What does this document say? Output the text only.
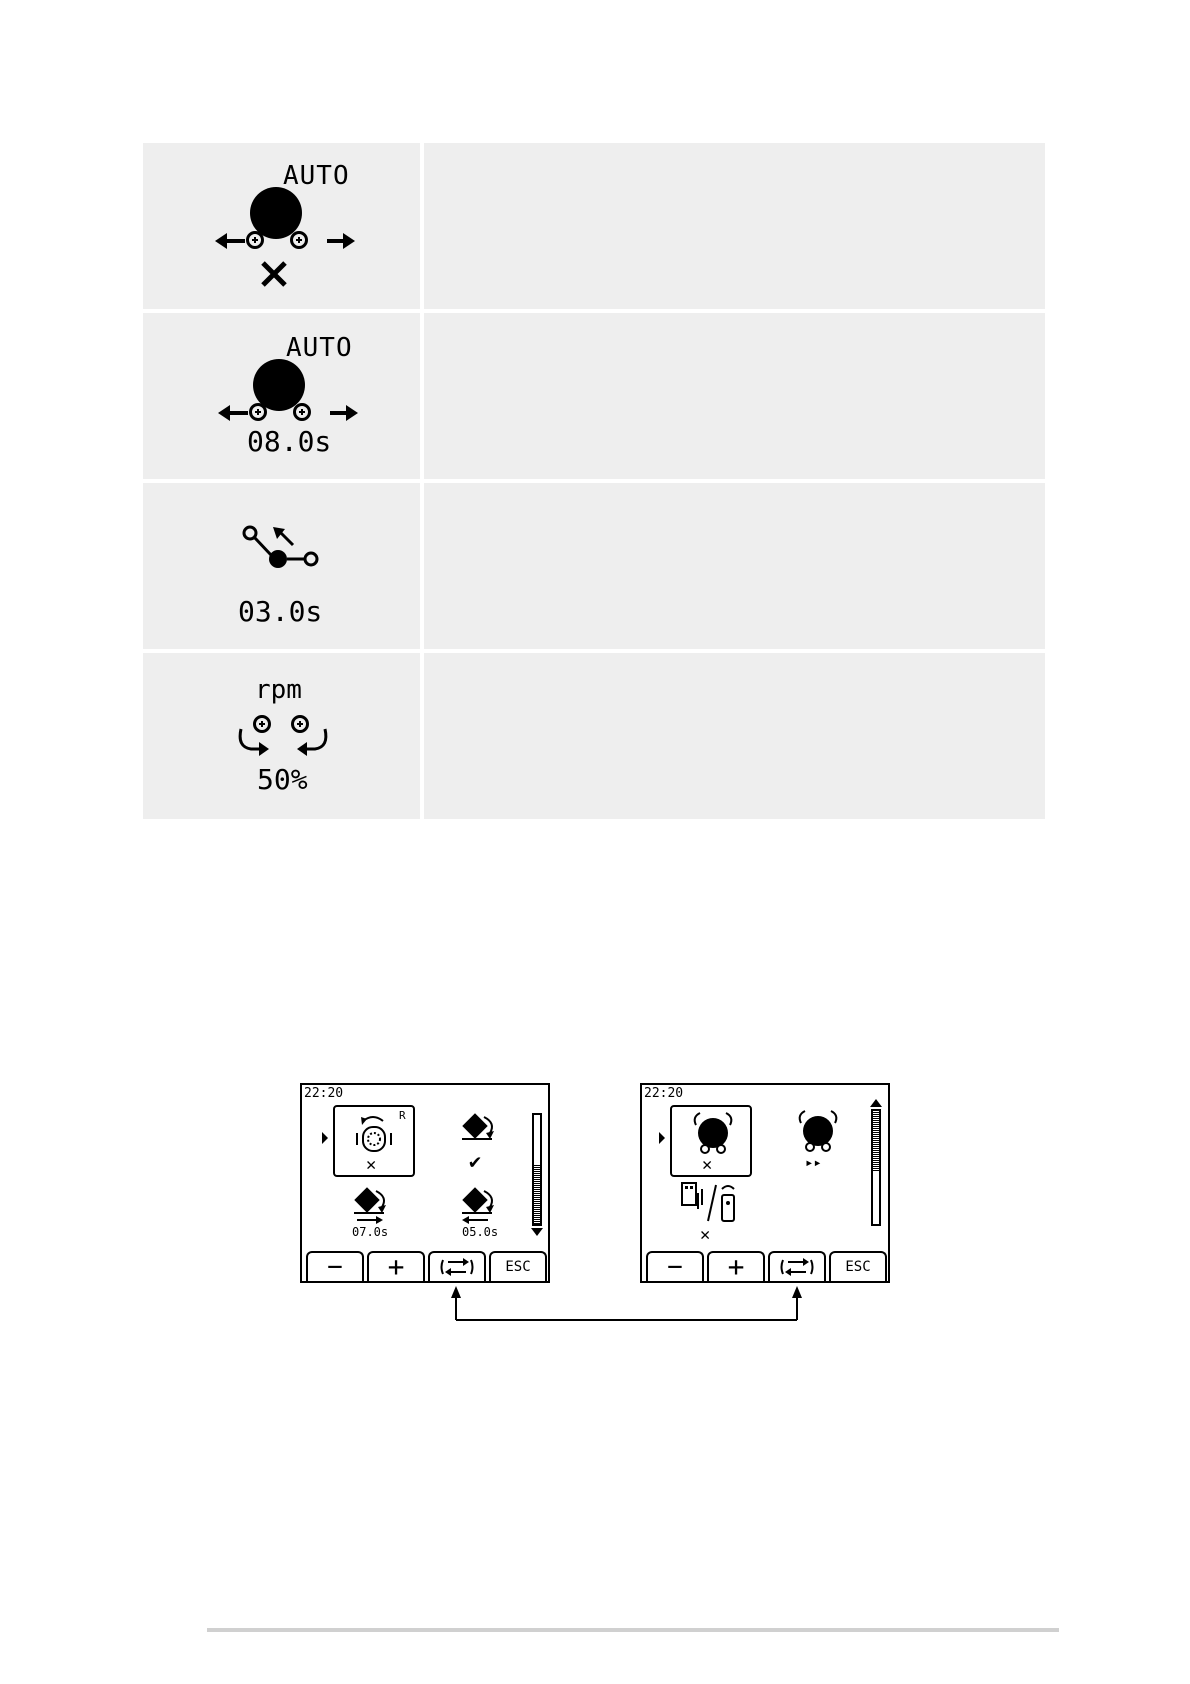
AUTO
AUTO
08.0s
03.0s
rpm
50%
22:20
R
✕	✔
07.0s	05.0s
− +	ESC
22:20
✕	▸▸
✕
− +	ESC
